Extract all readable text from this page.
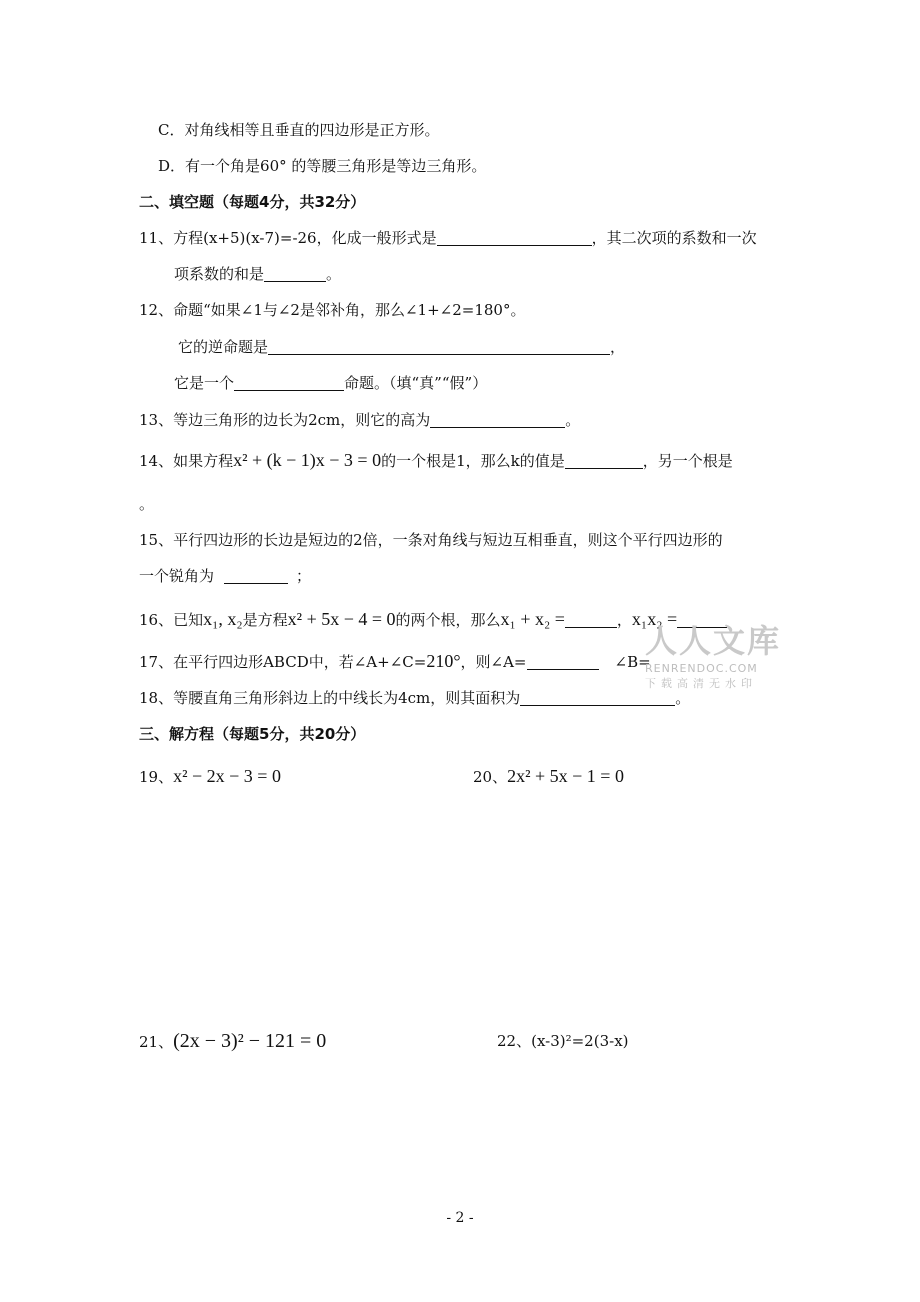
C．对角线相等且垂直的四边形是正方形。
D．有一个角是60° 的等腰三角形是等边三角形。
二、填空题（每题4分，共32分）
11、方程(x+5)(x-7)=-26，化成一般形式是	，其二次项的系数和一次
项系数的和是	。
12、命题“如果∠1与∠2是邻补角，那么∠1+∠2=180°。
它的逆命题是	，
它是一个	命题。（填“真”“假”）
13、等边三角形的边长为2cm，则它的高为	。
14、如果方程x² + (k − 1)x − 3 = 0的一个根是1，那么k的值是	，另一个根是
。
15、平行四边形的长边是短边的2倍，一条对角线与短边互相垂直，则这个平行四边形的
一个锐角为	；
16、已知x₁, x₂是方程x² + 5x − 4 = 0的两个根，那么x₁ + x₂ =	，x₁x₂ =
17、在平行四边形ABCD中，若∠A+∠C=210°，则∠A=	∠B=
18、等腰直角三角形斜边上的中线长为4cm，则其面积为	。
三、解方程（每题5分，共20分）
19、x² − 2x − 3 = 0	20、2x² + 5x − 1 = 0
21、(2x − 3)² − 121 = 0	22、(x-3)²=2(3-x)
人人文库
RENRENDOC.COM
下载高清无水印
- 2 -
